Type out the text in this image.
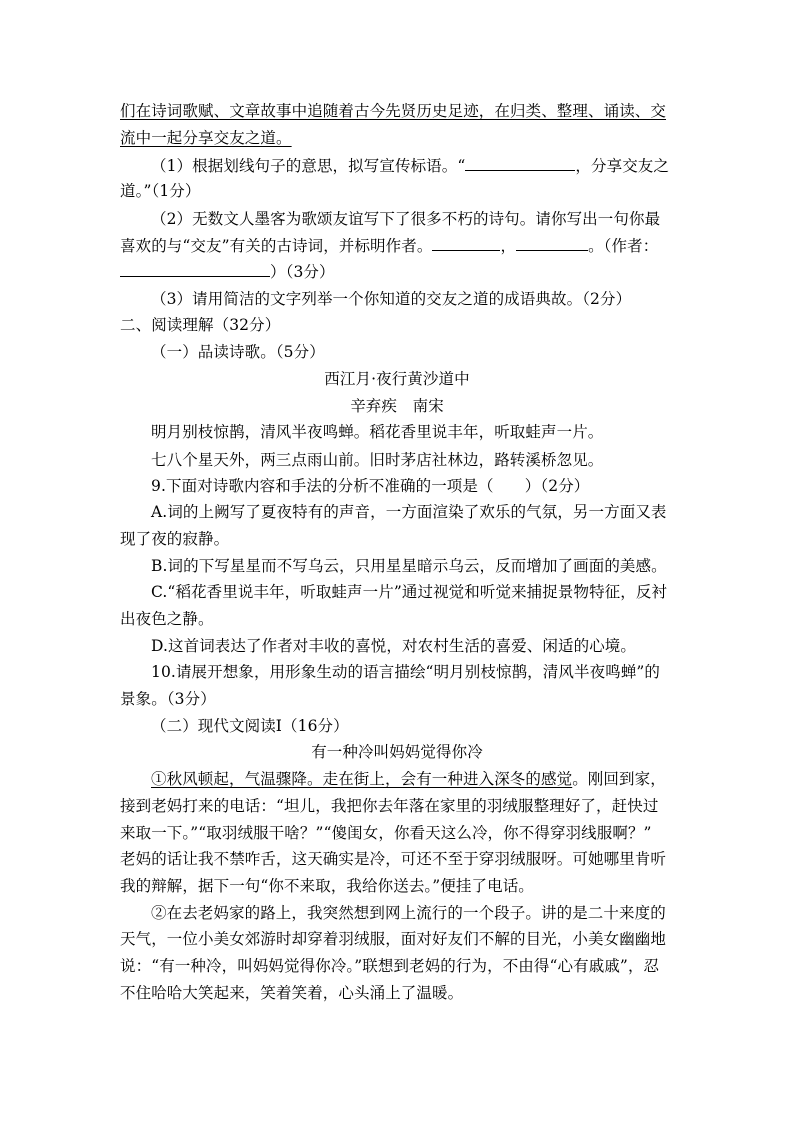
们在诗词歌赋、文章故事中追随着古今先贤历史足迹，在归类、整理、诵读、交
流中一起分享交友之道。
（1）根据划线句子的意思，拟写宣传标语。“	，分享交友之
道。”（1分）
（2）无数文人墨客为歌颂友谊写下了很多不朽的诗句。请你写出一句你最
喜欢的与“交友”有关的古诗词，并标明作者。	，	。（作者：
）（3分）
（3）请用简洁的文字列举一个你知道的交友之道的成语典故。（2分）
二、阅读理解（32分）
（一）品读诗歌。（5分）
西江月·夜行黄沙道中
辛弃疾　南宋
明月别枝惊鹊，清风半夜鸣蝉。稻花香里说丰年，听取蛙声一片。
七八个星天外，两三点雨山前。旧时茅店社林边，路转溪桥忽见。
9.下面对诗歌内容和手法的分析不准确的一项是（　　）（2分）
A.词的上阙写了夏夜特有的声音，一方面渲染了欢乐的气氛，另一方面又表
现了夜的寂静。
B.词的下写星星而不写乌云，只用星星暗示乌云，反而增加了画面的美感。
C.“稻花香里说丰年，听取蛙声一片”通过视觉和听觉来捕捉景物特征，反衬
出夜色之静。
D.这首词表达了作者对丰收的喜悦，对农村生活的喜爱、闲适的心境。
10.请展开想象，用形象生动的语言描绘“明月别枝惊鹊，清风半夜鸣蝉”的
景象。（3分）
（二）现代文阅读Ⅰ（16分）
有一种冷叫妈妈觉得你冷
①秋风顿起，气温骤降。走在街上，会有一种进入深冬的感觉。刚回到家，
接到老妈打来的电话：“坦儿，我把你去年落在家里的羽绒服整理好了，赶快过
来取一下。”“取羽绒服干啥？”“傻闺女，你看天这么冷，你不得穿羽线服啊？”
老妈的话让我不禁咋舌，这天确实是冷，可还不至于穿羽绒服呀。可她哪里肯听
我的辩解，据下一句“你不来取，我给你送去。”便挂了电话。
②在去老妈家的路上，我突然想到网上流行的一个段子。讲的是二十来度的
天气，一位小美女郊游时却穿着羽绒服，面对好友们不解的目光，小美女幽幽地
说：“有一种冷，叫妈妈觉得你冷。”联想到老妈的行为，不由得“心有戚戚”，忍
不住哈哈大笑起来，笑着笑着，心头涌上了温暖。
